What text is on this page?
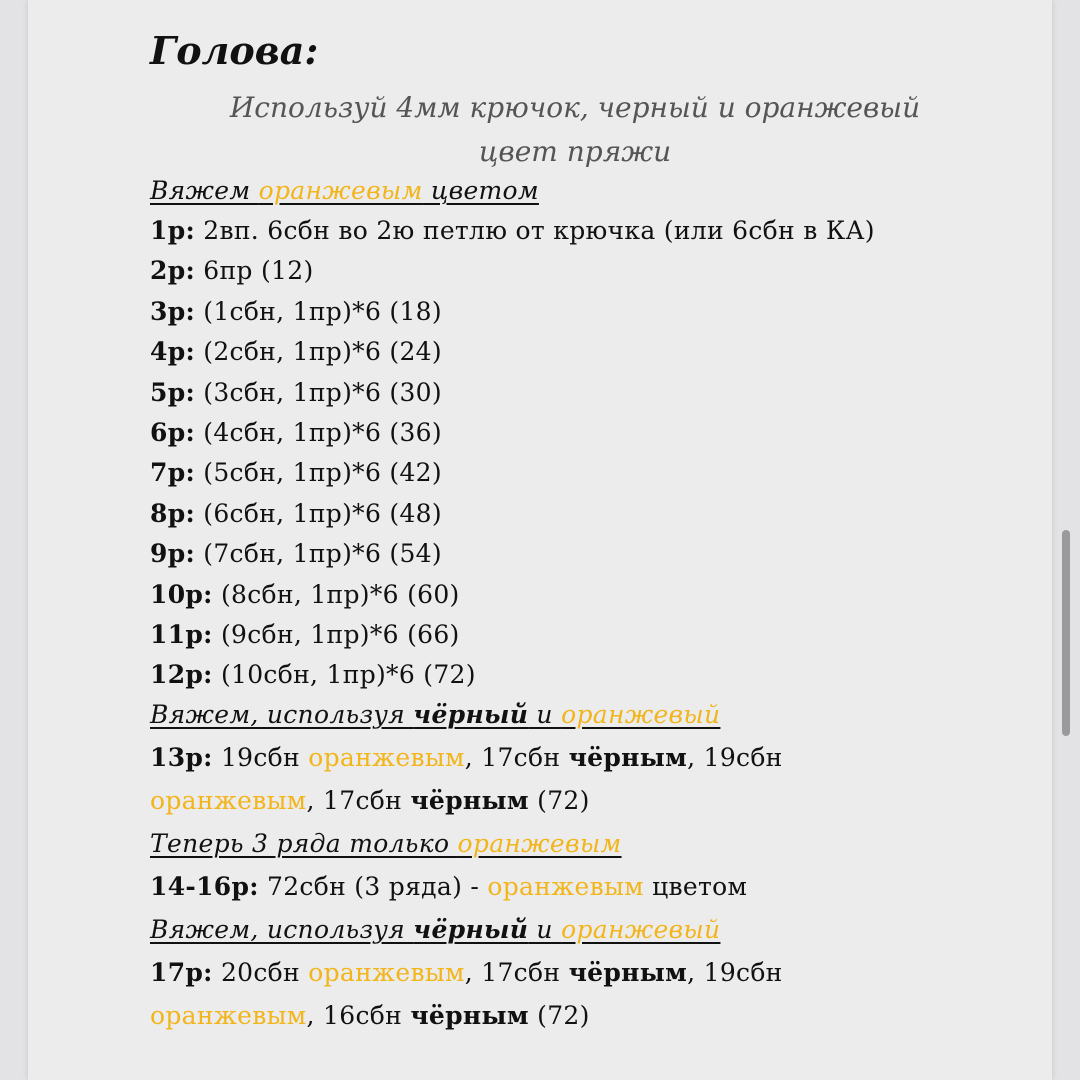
Голова:
Используй 4мм крючок, черный и оранжевый
цвет пряжи
Вяжем оранжевым цветом
1р: 2вп. 6сбн во 2ю петлю от крючка (или 6сбн в КА)
2р: 6пр (12)
3р: (1сбн, 1пр)*6 (18)
4р: (2сбн, 1пр)*6 (24)
5р: (3сбн, 1пр)*6 (30)
6р: (4сбн, 1пр)*6 (36)
7р: (5сбн, 1пр)*6 (42)
8р: (6сбн, 1пр)*6 (48)
9р: (7сбн, 1пр)*6 (54)
10р: (8сбн, 1пр)*6 (60)
11р: (9сбн, 1пр)*6 (66)
12р: (10сбн, 1пр)*6 (72)
Вяжем, используя чёрный и оранжевый
13р: 19сбн оранжевым, 17сбн чёрным, 19сбн
оранжевым, 17сбн чёрным (72)
Теперь 3 ряда только оранжевым
14-16р: 72сбн (3 ряда) - оранжевым цветом
Вяжем, используя чёрный и оранжевый
17р: 20сбн оранжевым, 17сбн чёрным, 19сбн
оранжевым, 16сбн чёрным (72)
